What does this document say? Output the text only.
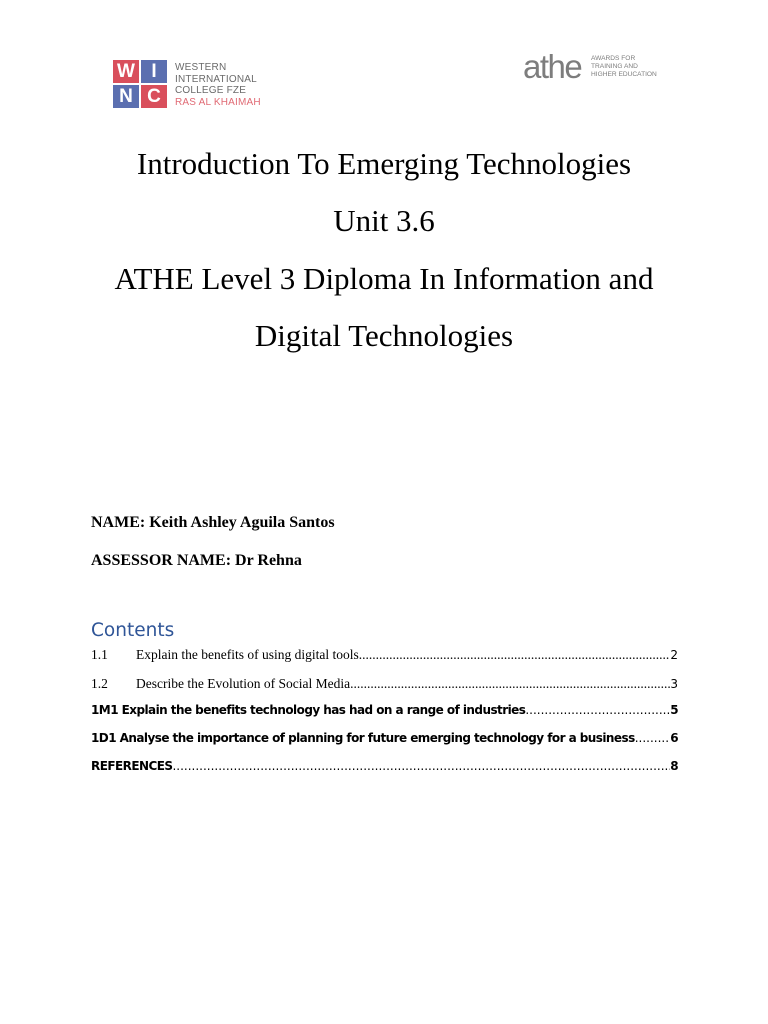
W I
N C
WESTERN
INTERNATIONAL
COLLEGE FZE
RAS AL KHAIMAH
athe AWARDS FOR
TRAINING AND
HIGHER EDUCATION
Introduction To Emerging Technologies
Unit 3.6
ATHE Level 3 Diploma In Information and
Digital Technologies
NAME: Keith Ashley Aguila Santos
ASSESSOR NAME: Dr Rehna
Contents
1.1	Explain the benefits of using digital tools .....	2
1.2	Describe the Evolution of Social Media .....	3
1M1 Explain the benefits technology has had on a range of industries .....	5
1D1 Analyse the importance of planning for future emerging technology for a business .....	6
REFERENCES .....	8
